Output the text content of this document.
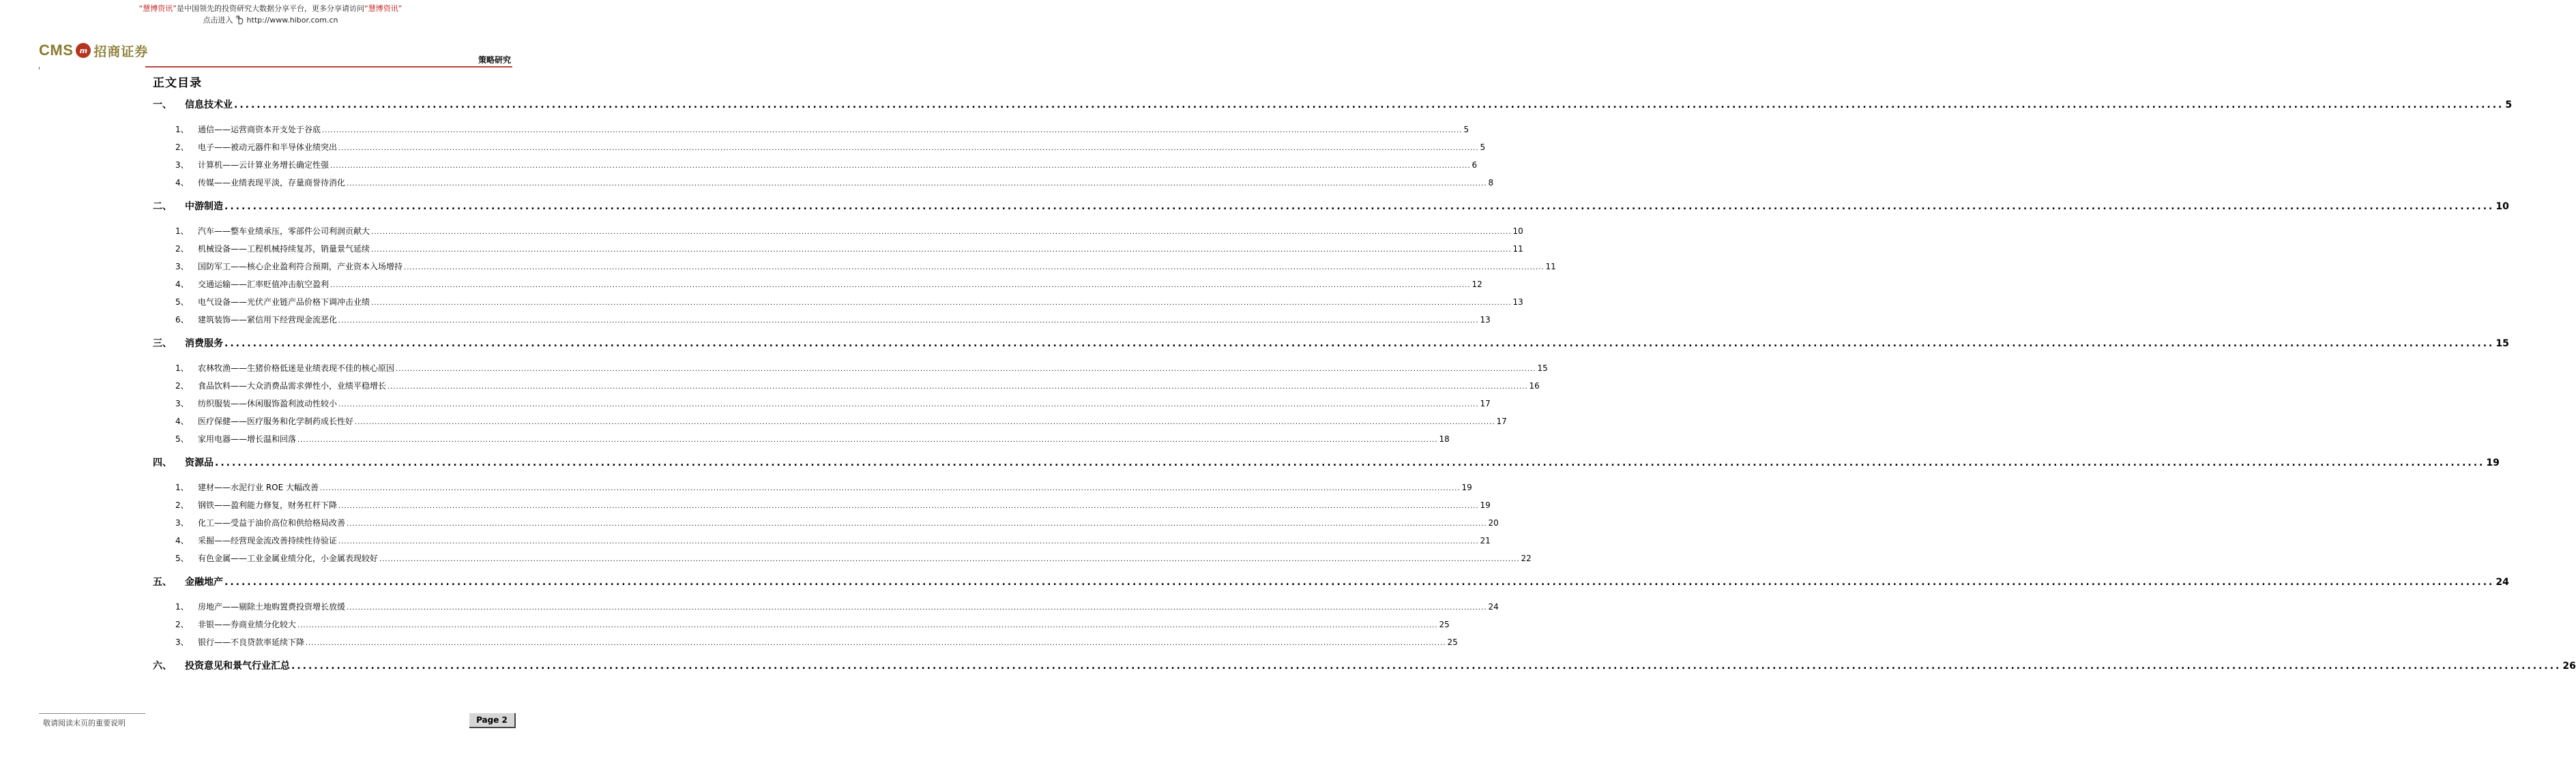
“慧博资讯”是中国领先的投资研究大数据分享平台，更多分享请访问“慧博资讯”
点击进入 http://www.hibor.com.cn
CMS m 招商证券
策略研究
正文目录
一、 信息技术业 ................................................................................................................................................................................................................................................................................................................................................................................................................ 5
1、 通信——运营商资本开支处于谷底 ................................................................................................................................................................................................................................................................................................................................................................................................................ 5
2、 电子——被动元器件和半导体业绩突出 ................................................................................................................................................................................................................................................................................................................................................................................................................ 5
3、 计算机——云计算业务增长确定性强 ................................................................................................................................................................................................................................................................................................................................................................................................................ 6
4、 传媒——业绩表现平淡，存量商誉待消化 ................................................................................................................................................................................................................................................................................................................................................................................................................ 8
二、 中游制造 ................................................................................................................................................................................................................................................................................................................................................................................................................ 10
1、 汽车——整车业绩承压，零部件公司利润贡献大 ................................................................................................................................................................................................................................................................................................................................................................................................................ 10
2、 机械设备——工程机械持续复苏，销量景气延续 ................................................................................................................................................................................................................................................................................................................................................................................................................ 11
3、 国防军工——核心企业盈利符合预期，产业资本入场增持 ................................................................................................................................................................................................................................................................................................................................................................................................................ 11
4、 交通运输——汇率贬值冲击航空盈利 ................................................................................................................................................................................................................................................................................................................................................................................................................ 12
5、 电气设备——光伏产业链产品价格下调冲击业绩 ................................................................................................................................................................................................................................................................................................................................................................................................................ 13
6、 建筑装饰——紧信用下经营现金流恶化 ................................................................................................................................................................................................................................................................................................................................................................................................................ 13
三、 消费服务 ................................................................................................................................................................................................................................................................................................................................................................................................................ 15
1、 农林牧渔——生猪价格低迷是业绩表现不佳的核心原因 ................................................................................................................................................................................................................................................................................................................................................................................................................ 15
2、 食品饮料——大众消费品需求弹性小，业绩平稳增长 ................................................................................................................................................................................................................................................................................................................................................................................................................ 16
3、 纺织服装——休闲服饰盈利波动性较小 ................................................................................................................................................................................................................................................................................................................................................................................................................ 17
4、 医疗保健——医疗服务和化学制药成长性好 ................................................................................................................................................................................................................................................................................................................................................................................................................ 17
5、 家用电器——增长温和回落 ................................................................................................................................................................................................................................................................................................................................................................................................................ 18
四、 资源品 ................................................................................................................................................................................................................................................................................................................................................................................................................ 19
1、 建材——水泥行业 ROE 大幅改善 ................................................................................................................................................................................................................................................................................................................................................................................................................ 19
2、 钢铁——盈利能力修复，财务杠杆下降 ................................................................................................................................................................................................................................................................................................................................................................................................................ 19
3、 化工——受益于油价高位和供给格局改善 ................................................................................................................................................................................................................................................................................................................................................................................................................ 20
4、 采掘——经营现金流改善持续性待验证 ................................................................................................................................................................................................................................................................................................................................................................................................................ 21
5、 有色金属——工业金属业绩分化，小金属表现较好 ................................................................................................................................................................................................................................................................................................................................................................................................................ 22
五、 金融地产 ................................................................................................................................................................................................................................................................................................................................................................................................................ 24
1、 房地产——剔除土地购置费投资增长放缓 ................................................................................................................................................................................................................................................................................................................................................................................................................ 24
2、 非银——券商业绩分化较大 ................................................................................................................................................................................................................................................................................................................................................................................................................ 25
3、 银行——不良贷款率延续下降 ................................................................................................................................................................................................................................................................................................................................................................................................................ 25
六、 投资意见和景气行业汇总 ................................................................................................................................................................................................................................................................................................................................................................................................................ 26
敬请阅读末页的重要说明	Page 2
